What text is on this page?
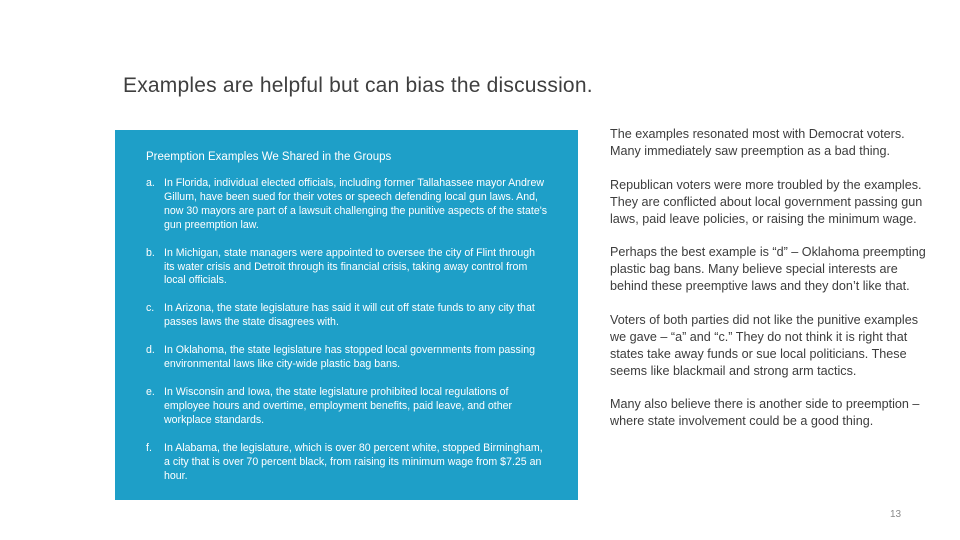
Examples are helpful but can bias the discussion.
Preemption Examples We Shared in the Groups
a. In Florida, individual elected officials, including former Tallahassee mayor Andrew Gillum, have been sued for their votes or speech defending local gun laws. And, now 30 mayors are part of a lawsuit challenging the punitive aspects of the state's gun preemption law.
b. In Michigan, state managers were appointed to oversee the city of Flint through its water crisis and Detroit through its financial crisis, taking away control from local officials.
c. In Arizona, the state legislature has said it will cut off state funds to any city that passes laws the state disagrees with.
d. In Oklahoma, the state legislature has stopped local governments from passing environmental laws like city-wide plastic bag bans.
e. In Wisconsin and Iowa, the state legislature prohibited local regulations of employee hours and overtime, employment benefits, paid leave, and other workplace standards.
f.	In Alabama, the legislature, which is over 80 percent white, stopped Birmingham, a city that is over 70 percent black, from raising its minimum wage from $7.25 an hour.

The examples resonated most with Democrat voters. Many immediately saw preemption as a bad thing.

Republican voters were more troubled by the examples. They are conflicted about local government passing gun laws, paid leave policies, or raising the minimum wage.

Perhaps the best example is “d” – Oklahoma preempting plastic bag bans. Many believe special interests are behind these preemptive laws and they don’t like that.

Voters of both parties did not like the punitive examples we gave – “a” and “c.” They do not think it is right that states take away funds or sue local politicians. These seems like blackmail and strong arm tactics.

Many also believe there is another side to preemption – where state involvement could be a good thing.

13
